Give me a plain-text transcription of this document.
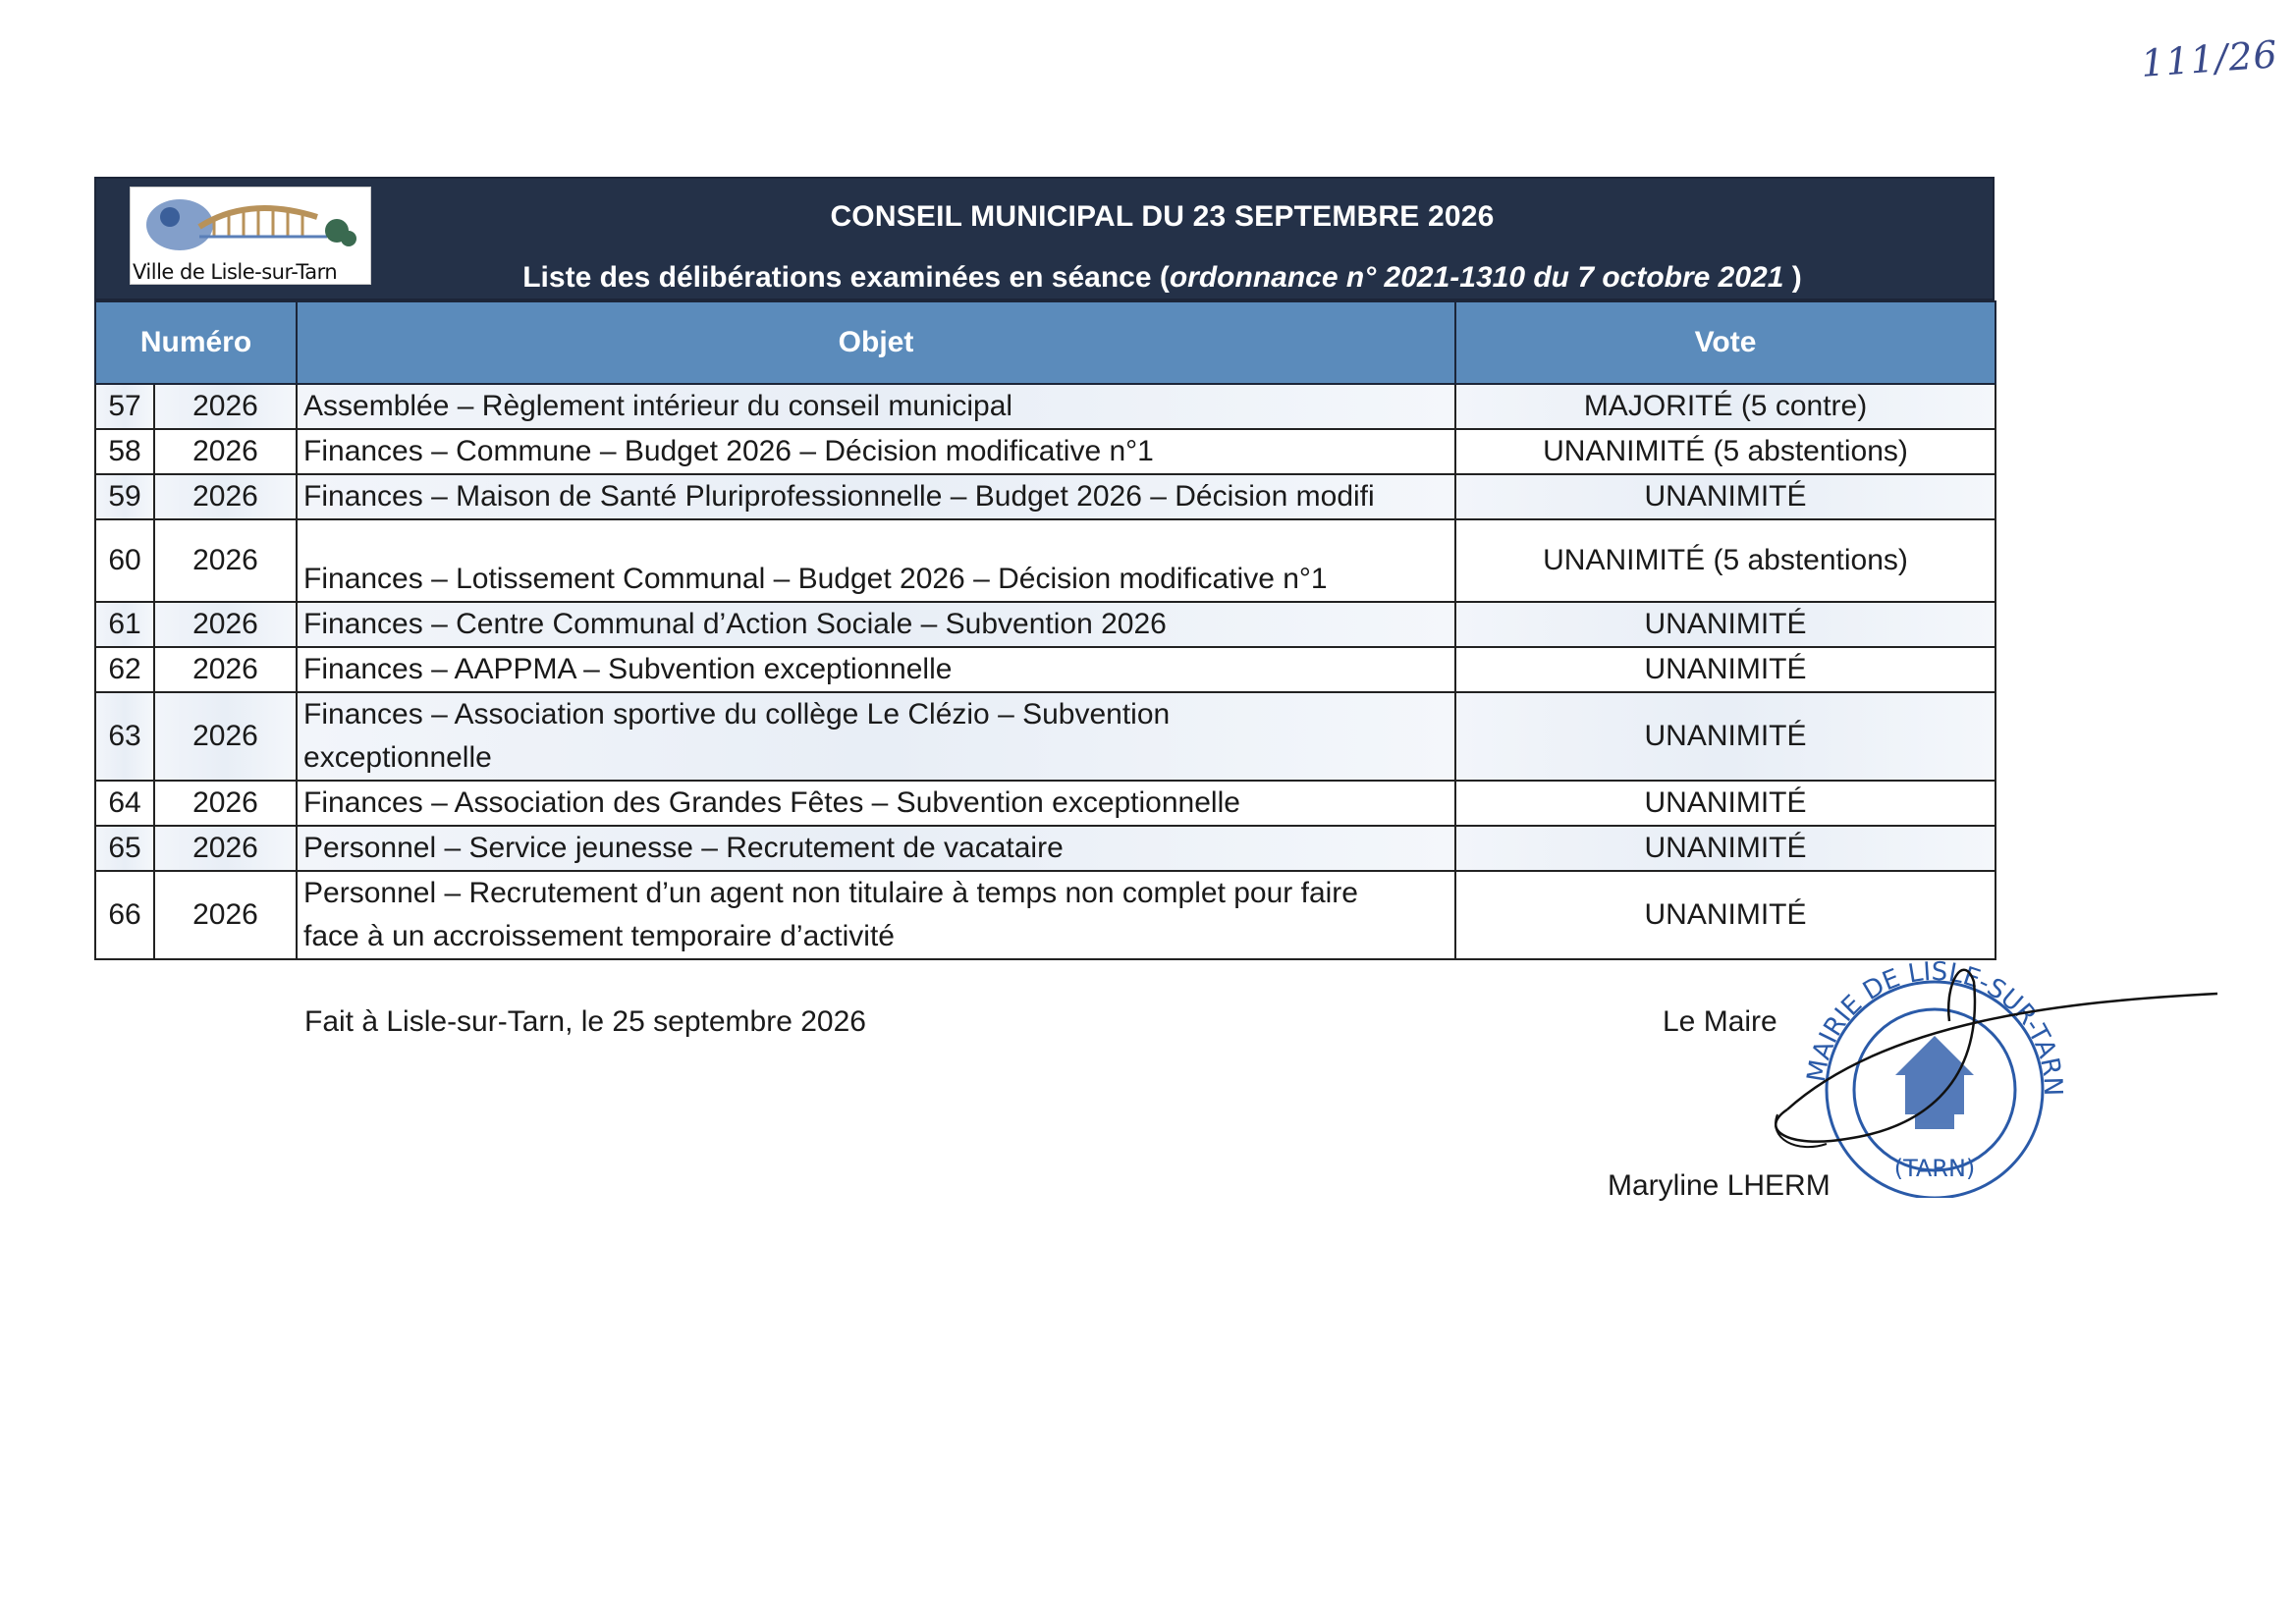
111/26
Ville de Lisle-sur-Tarn
CONSEIL MUNICIPAL DU 23 SEPTEMBRE 2026
Liste des délibérations examinées en séance (ordonnance n° 2021-1310 du 7 octobre 2021 )
Numéro		Objet	Vote
57	2026	Assemblée – Règlement intérieur du conseil municipal	MAJORITÉ (5 contre)
58	2026	Finances – Commune – Budget 2026 – Décision modificative n°1	UNANIMITÉ (5 abstentions)
59	2026	Finances – Maison de Santé Pluriprofessionnelle – Budget 2026 – Décision modifi	UNANIMITÉ
60	2026	Finances – Lotissement Communal – Budget 2026 – Décision modificative n°1	UNANIMITÉ (5 abstentions)
61	2026	Finances – Centre Communal d’Action Sociale – Subvention 2026	UNANIMITÉ
62	2026	Finances – AAPPMA – Subvention exceptionnelle	UNANIMITÉ
63	2026	Finances – Association sportive du collège Le Clézio – Subvention exceptionnelle	UNANIMITÉ
64	2026	Finances – Association des Grandes Fêtes – Subvention exceptionnelle	UNANIMITÉ
65	2026	Personnel – Service jeunesse – Recrutement de vacataire	UNANIMITÉ
66	2026	Personnel – Recrutement d’un agent non titulaire à temps non complet pour faire face à un accroissement temporaire d’activité	UNANIMITÉ
Fait à Lisle-sur-Tarn, le 25 septembre 2026	Le Maire
Maryline LHERM
MAIRIE DE LISLE-SUR-TARN
(TARN)
